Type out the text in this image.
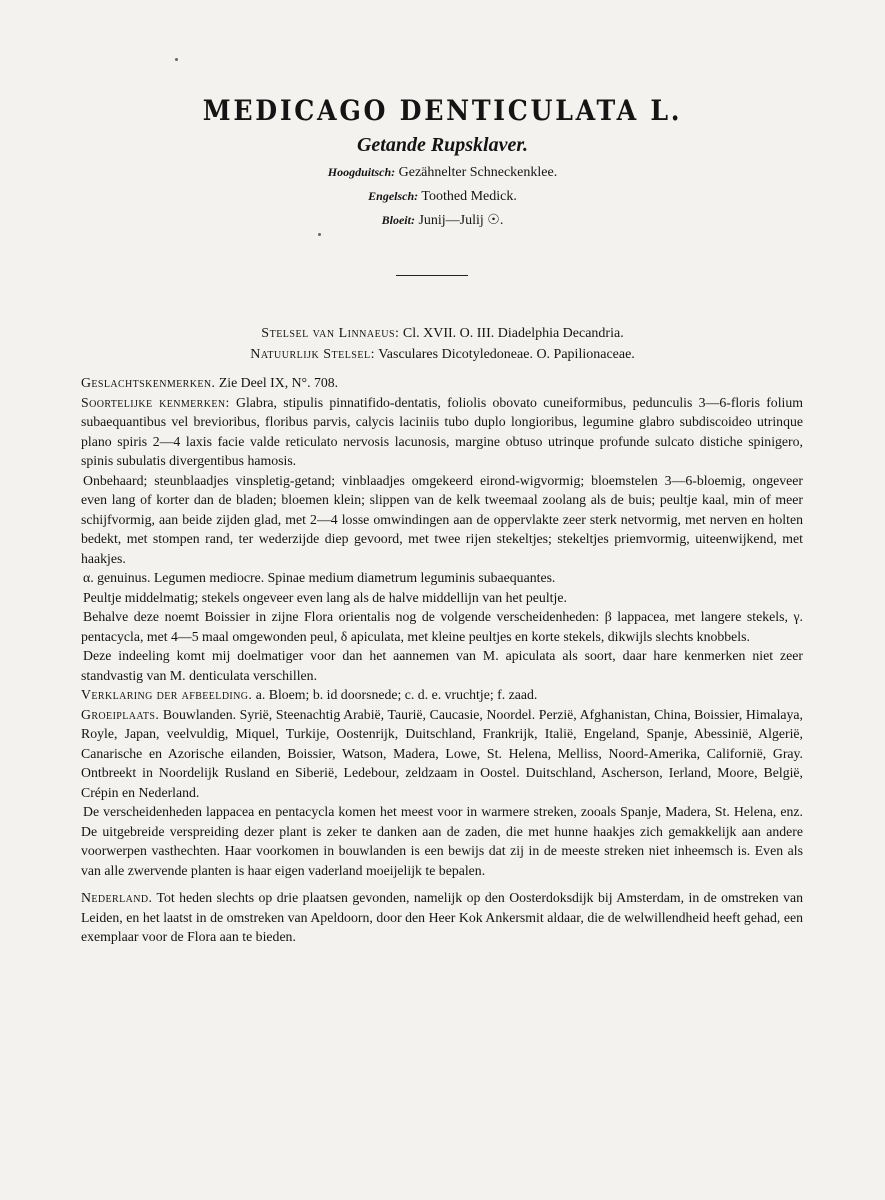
MEDICAGO DENTICULATA L.
Getande Rupsklaver.
Hoogduitsch: Gezähnelter Schneckenklee.
Engelsch: Toothed Medick.
Bloeit: Junij—Julij ☉.
Stelsel van Linnaeus: Cl. XVII. O. III. Diadelphia Decandria.
Natuurlijk Stelsel: Vasculares Dicotyledoneae. O. Papilionaceae.

Geslachtskenmerken. Zie Deel IX, N°. 708.

Soortelijke kenmerken: Glabra, stipulis pinnatifido-dentatis, foliolis obovato cuneiformibus, pedunculis 3—6-floris folium subaequantibus vel brevioribus, floribus parvis, calycis laciniis tubo duplo longioribus, legumine glabro subdiscoideo utrinque plano spiris 2—4 laxis facie valde reticulato nervosis lacunosis, margine obtuso utrinque profunde sulcato distiche spinigero, spinis subulatis divergentibus hamosis.

Onbehaard; steunblaadjes vinspletig-getand; vinblaadjes omgekeerd eirond-wigvormig; bloemstelen 3—6-bloemig, ongeveer even lang of korter dan de bladen; bloemen klein; slippen van de kelk tweemaal zoolang als de buis; peultje kaal, min of meer schijfvormig, aan beide zijden glad, met 2—4 losse omwindingen aan de oppervlakte zeer sterk netvormig, met nerven en holten bedekt, met stompen rand, ter wederzijde diep gevoord, met twee rijen stekeltjes; stekeltjes priemvormig, uiteenwijkend, met haakjes.

α. genuinus. Legumen mediocre. Spinae medium diametrum leguminis subaequantes.

Peultje middelmatig; stekels ongeveer even lang als de halve middellijn van het peultje.

Behalve deze noemt Boissier in zijne Flora orientalis nog de volgende verscheidenheden: β lappacea, met langere stekels, γ. pentacycla, met 4—5 maal omgewonden peul, δ apiculata, met kleine peultjes en korte stekels, dikwijls slechts knobbels.

Deze indeeling komt mij doelmatiger voor dan het aannemen van M. apiculata als soort, daar hare kenmerken niet zeer standvastig van M. denticulata verschillen.

Verklaring der afbeelding. a. Bloem; b. id doorsnede; c. d. e. vruchtje; f. zaad.

Groeiplaats. Bouwlanden. Syrië, Steenachtig Arabië, Taurië, Caucasie, Noordel. Perzië, Afghanistan, China, Boissier, Himalaya, Royle, Japan, veelvuldig, Miquel, Turkije, Oostenrijk, Duitschland, Frankrijk, Italië, Engeland, Spanje, Abessinië, Algerië, Canarische en Azorische eilanden, Boissier, Watson, Madera, Lowe, St. Helena, Melliss, Noord-Amerika, Californië, Gray. Ontbreekt in Noordelijk Rusland en Siberië, Ledebour, zeldzaam in Oostel. Duitschland, Ascherson, Ierland, Moore, België, Crépin en Nederland.

De verscheidenheden lappacea en pentacycla komen het meest voor in warmere streken, zooals Spanje, Madera, St. Helena, enz. De uitgebreide verspreiding dezer plant is zeker te danken aan de zaden, die met hunne haakjes zich gemakkelijk aan andere voorwerpen vasthechten. Haar voorkomen in bouwlanden is een bewijs dat zij in de meeste streken niet inheemsch is. Even als van alle zwervende planten is haar eigen vaderland moeijelijk te bepalen.

Nederland. Tot heden slechts op drie plaatsen gevonden, namelijk op den Oosterdoksdijk bij Amsterdam, in de omstreken van Leiden, en het laatst in de omstreken van Apeldoorn, door den Heer Kok Ankersmit aldaar, die de welwillendheid heeft gehad, een exemplaar voor de Flora aan te bieden.
